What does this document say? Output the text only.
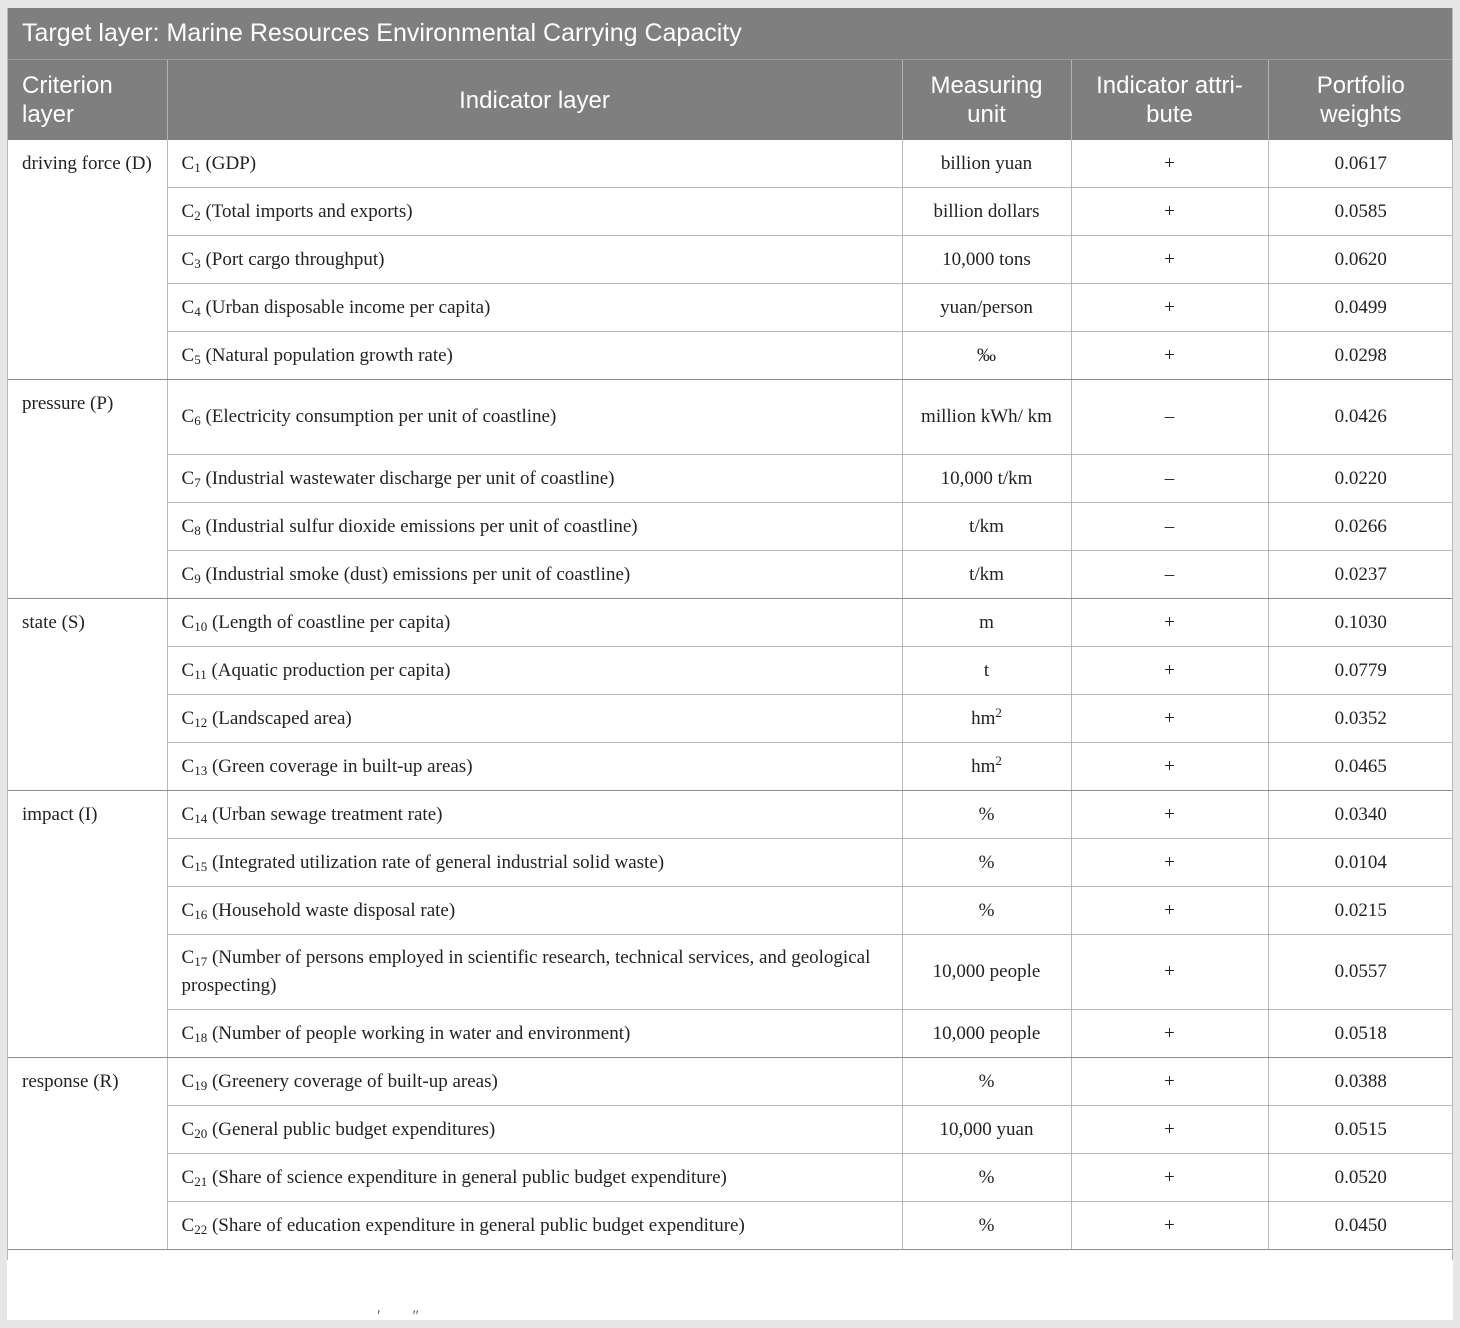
Target layer: Marine Resources Environmental Carrying Capacity				
Criterion layer	Indicator layer	Measuring unit	Indicator attri-bute	Portfolio weights
driving force (D)	$C_1$ (GDP)	billion yuan	+	0.0617
	$C_2$ (Total imports and exports)	billion dollars	+	0.0585
	$C_3$ (Port cargo throughput)	10,000 tons	+	0.0620
	$C_4$ (Urban disposable income per capita)	yuan/person	+	0.0499
	$C_5$ (Natural population growth rate)	‰	+	0.0298
pressure (P)	$C_6$ (Electricity consumption per unit of coastline)	million kWh/ km	–	0.0426
	$C_7$ (Industrial wastewater discharge per unit of coastline)	10,000 t/km	–	0.0220
	$C_8$ (Industrial sulfur dioxide emissions per unit of coastline)	t/km	–	0.0266
	$C_9$ (Industrial smoke (dust) emissions per unit of coastline)	t/km	–	0.0237
state (S)	$C_{10}$ (Length of coastline per capita)	m	+	0.1030
	$C_{11}$ (Aquatic production per capita)	t	+	0.0779
	$C_{12}$ (Landscaped area)	$hm^2$	+	0.0352
	$C_{13}$ (Green coverage in built-up areas)	$hm^2$	+	0.0465
impact (I)	$C_{14}$ (Urban sewage treatment rate)	%	+	0.0340
	$C_{15}$ (Integrated utilization rate of general industrial solid waste)	%	+	0.0104
	$C_{16}$ (Household waste disposal rate)	%	+	0.0215
	$C_{17}$ (Number of persons employed in scientific research, technical services, and geological prospecting)	10,000 people	+	0.0557
	$C_{18}$ (Number of people working in water and environment)	10,000 people	+	0.0518
response (R)	$C_{19}$ (Greenery coverage of built-up areas)	%	+	0.0388
	$C_{20}$ (General public budget expenditures)	10,000 yuan	+	0.0515
	$C_{21}$ (Share of science expenditure in general public budget expenditure)	%	+	0.0520
	$C_{22}$ (Share of education expenditure in general public budget expenditure)	%	+	0.0450
′ ″
